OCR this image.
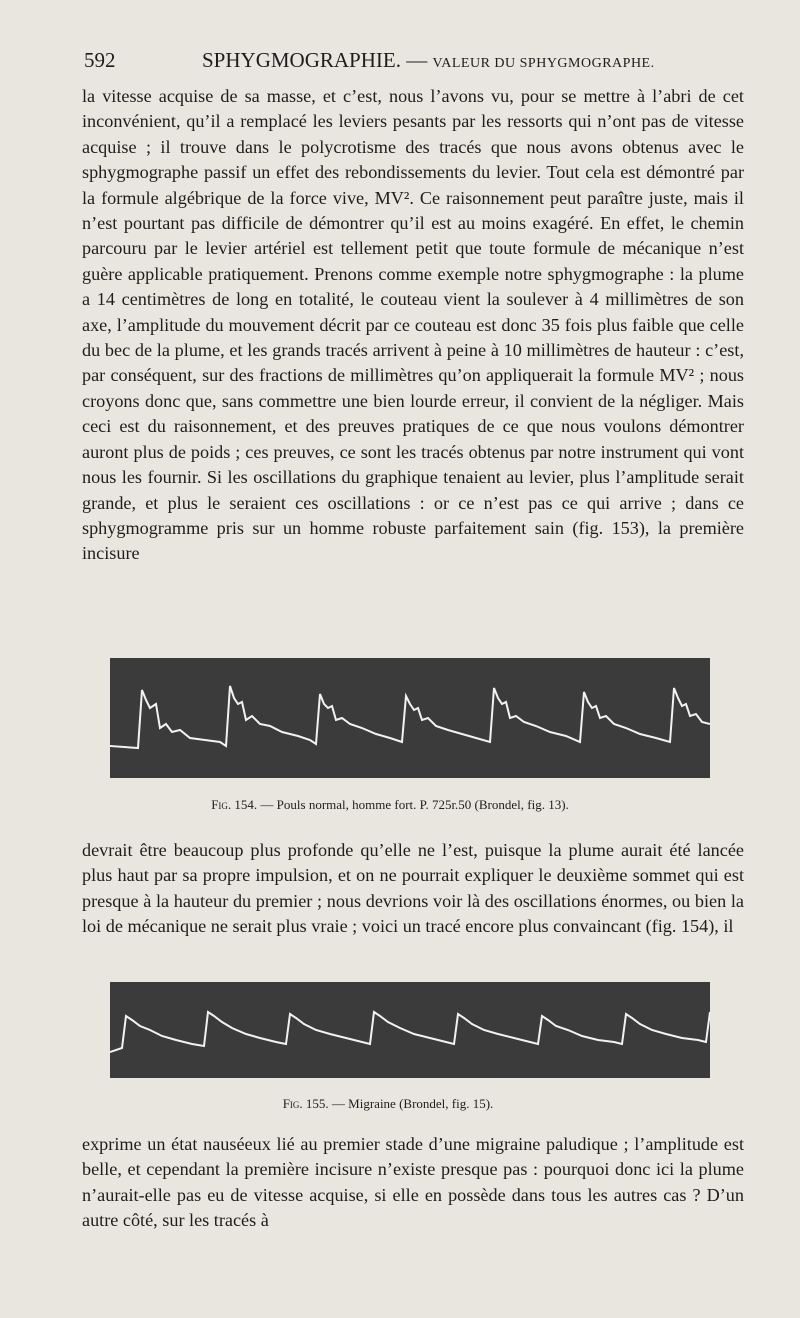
592	SPHYGMOGRAPHIE. — VALEUR DU SPHYGMOGRAPHE.

la vitesse acquise de sa masse, et c’est, nous l’avons vu, pour se mettre à l’abri de cet inconvénient, qu’il a remplacé les leviers pesants par les ressorts qui n’ont pas de vitesse acquise ; il trouve dans le polycrotisme des tracés que nous avons obtenus avec le sphygmographe passif un effet des rebondissements du levier. Tout cela est démontré par la formule algébrique de la force vive, MV². Ce raisonnement peut paraître juste, mais il n’est pourtant pas difficile de démontrer qu’il est au moins exagéré. En effet, le chemin parcouru par le levier artériel est tellement petit que toute formule de mécanique n’est guère applicable pratiquement. Prenons comme exemple notre sphygmographe : la plume a 14 centimètres de long en totalité, le couteau vient la soulever à 4 millimètres de son axe, l’amplitude du mouvement décrit par ce couteau est donc 35 fois plus faible que celle du bec de la plume, et les grands tracés arrivent à peine à 10 millimètres de hauteur : c’est, par conséquent, sur des fractions de millimètres qu’on appliquerait la formule MV² ; nous croyons donc que, sans commettre une bien lourde erreur, il convient de la négliger. Mais ceci est du raisonnement, et des preuves pratiques de ce que nous voulons démontrer auront plus de poids ; ces preuves, ce sont les tracés obtenus par notre instrument qui vont nous les fournir. Si les oscillations du graphique tenaient au levier, plus l’amplitude serait grande, et plus le seraient ces oscillations : or ce n’est pas ce qui arrive ; dans ce sphygmogramme pris sur un homme robuste parfaitement sain (fig. 153), la première incisure

Fig. 154. — Pouls normal, homme fort. P. 725r.50 (Brondel, fig. 13).

devrait être beaucoup plus profonde qu’elle ne l’est, puisque la plume aurait été lancée plus haut par sa propre impulsion, et on ne pourrait expliquer le deuxième sommet qui est presque à la hauteur du premier ; nous devrions voir là des oscillations énormes, ou bien la loi de mécanique ne serait plus vraie ; voici un tracé encore plus convaincant (fig. 154), il

Fig. 155. — Migraine (Brondel, fig. 15).

exprime un état nauséeux lié au premier stade d’une migraine paludique ; l’amplitude est belle, et cependant la première incisure n’existe presque pas : pourquoi donc ici la plume n’aurait-elle pas eu de vitesse acquise, si elle en possède dans tous les autres cas ? D’un autre côté, sur les tracés à
